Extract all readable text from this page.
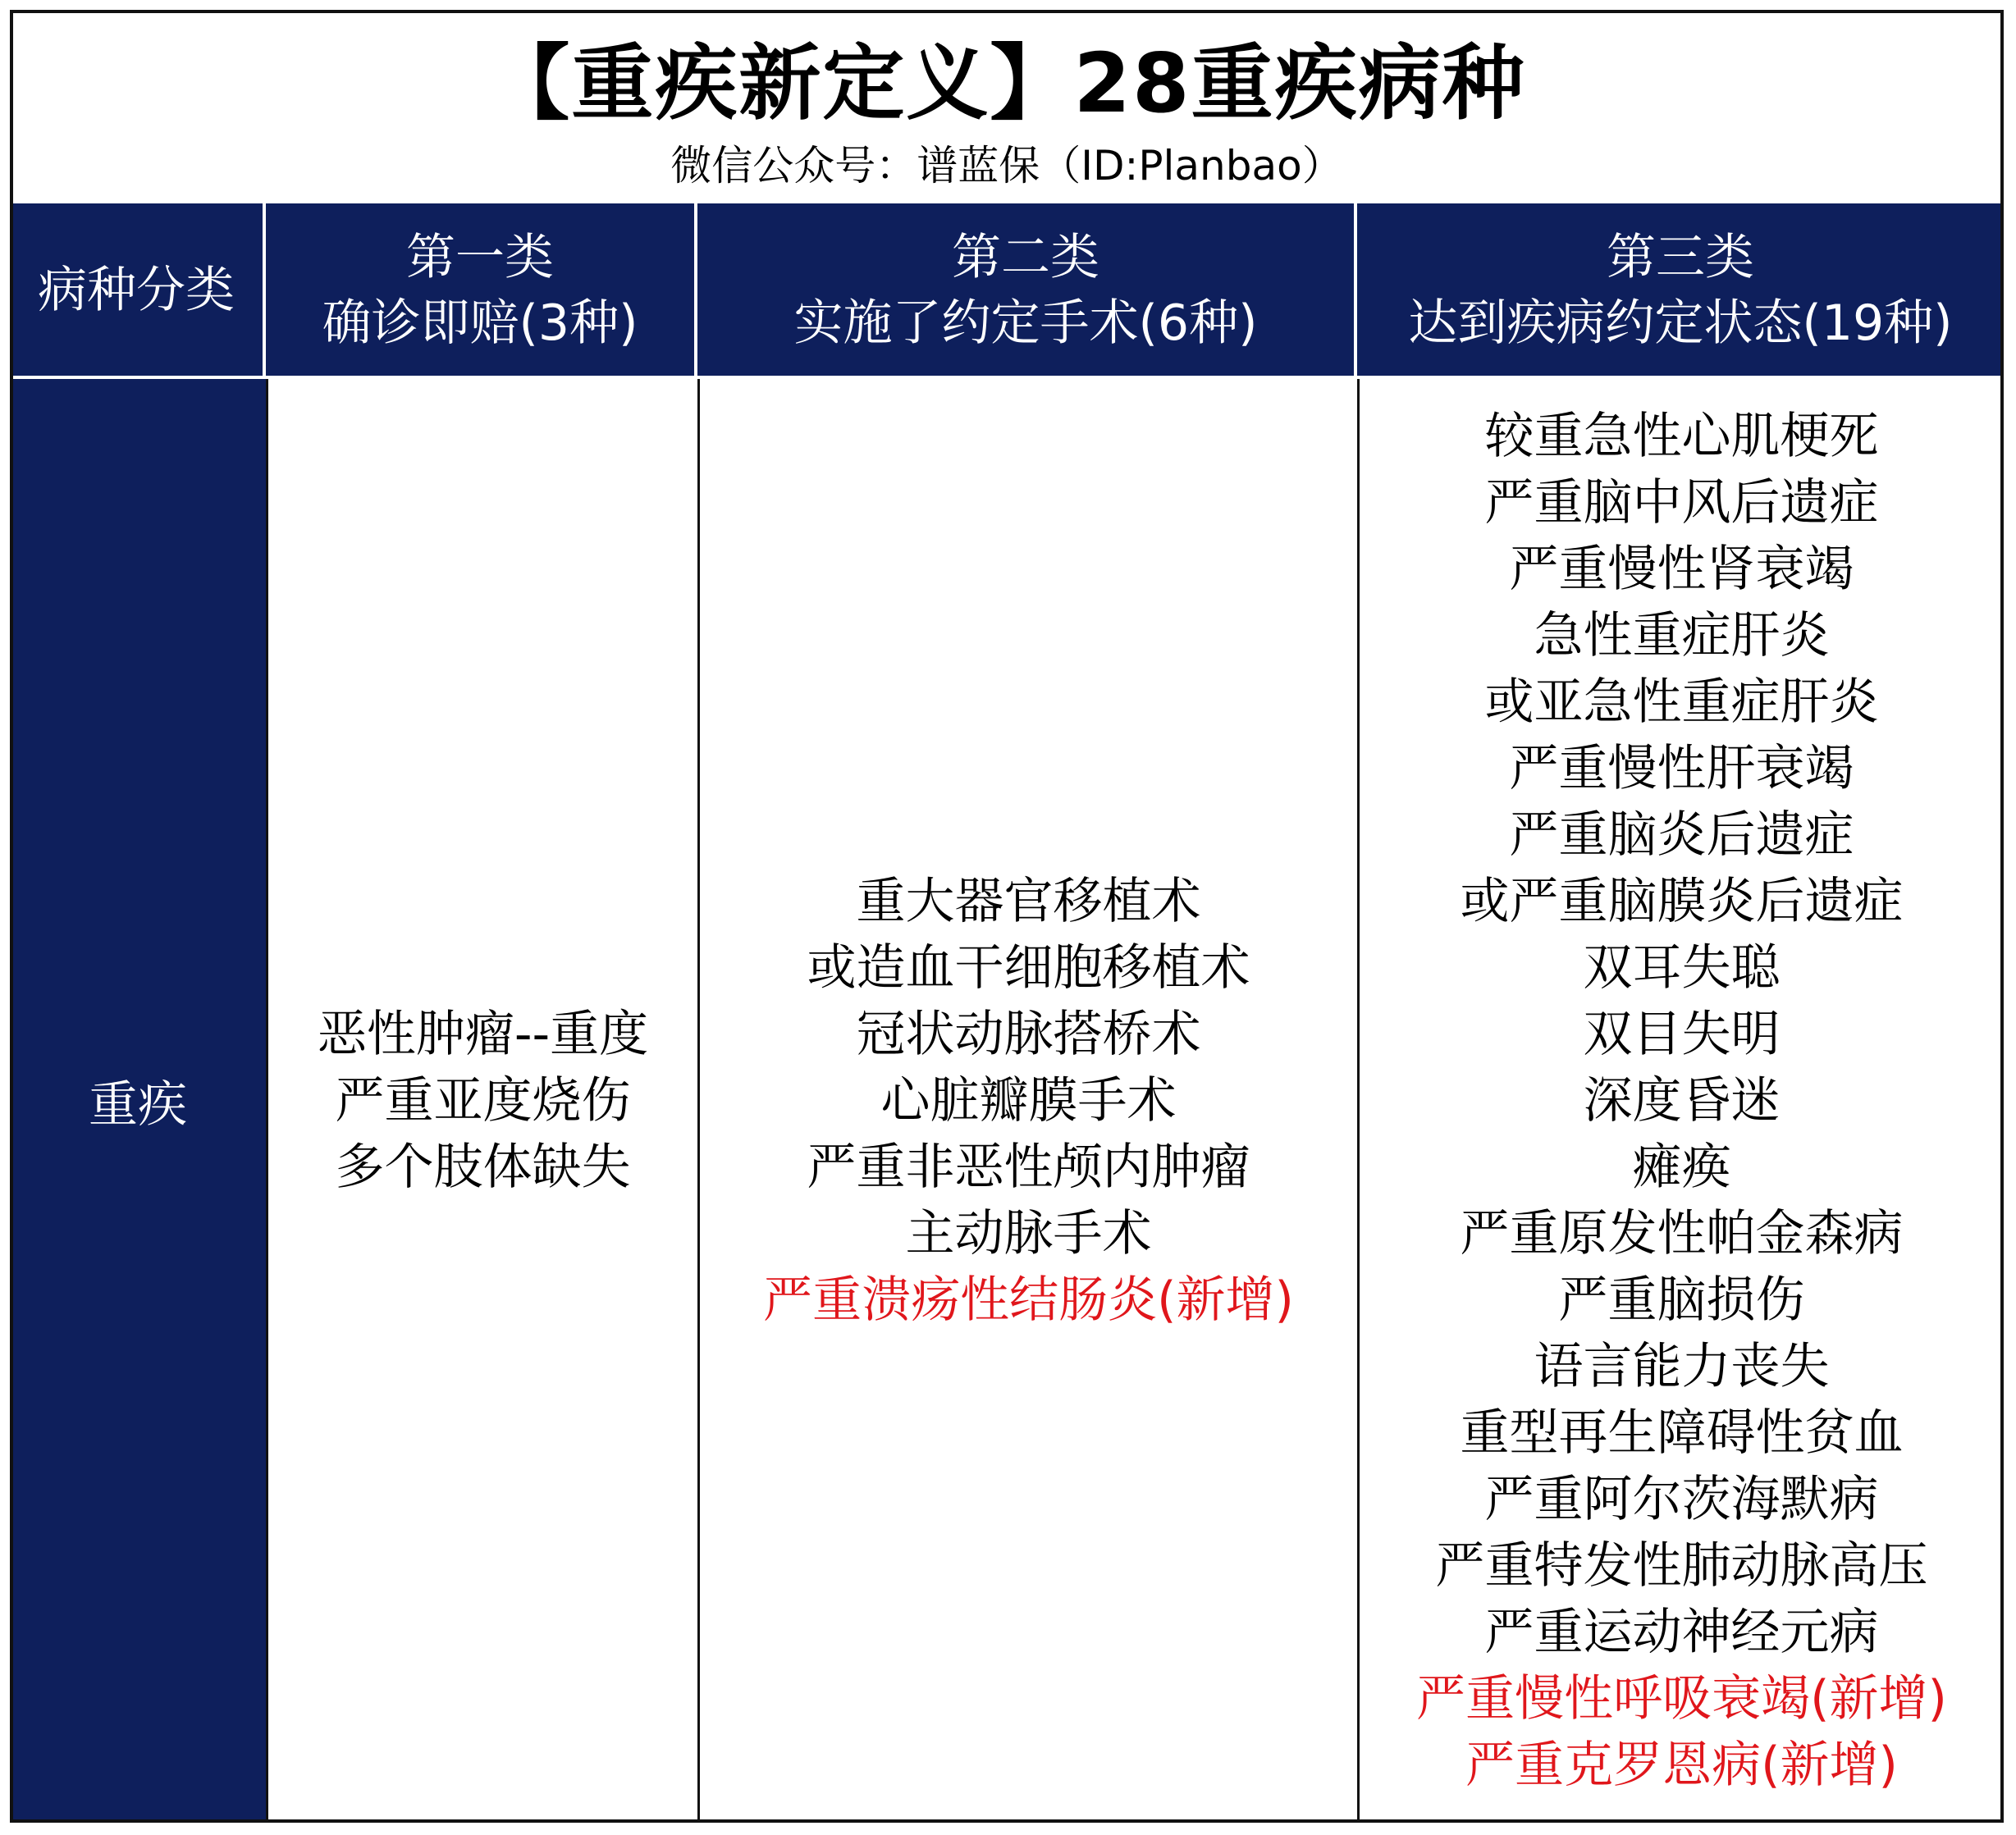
【重疾新定义】28重疾病种
微信公众号：谱蓝保（ID:Planbao）
病种分类
第一类
确诊即赔(3种)
第二类
实施了约定手术(6种)
第三类
达到疾病约定状态(19种)
重疾
恶性肿瘤--重度
严重亚度烧伤
多个肢体缺失
重大器官移植术
或造血干细胞移植术
冠状动脉搭桥术
心脏瓣膜手术
严重非恶性颅内肿瘤
主动脉手术
严重溃疡性结肠炎(新增)
较重急性心肌梗死
严重脑中风后遗症
严重慢性肾衰竭
急性重症肝炎
或亚急性重症肝炎
严重慢性肝衰竭
严重脑炎后遗症
或严重脑膜炎后遗症
双耳失聪
双目失明
深度昏迷
瘫痪
严重原发性帕金森病
严重脑损伤
语言能力丧失
重型再生障碍性贫血
严重阿尔茨海默病
严重特发性肺动脉高压
严重运动神经元病
严重慢性呼吸衰竭(新增)
严重克罗恩病(新增)
